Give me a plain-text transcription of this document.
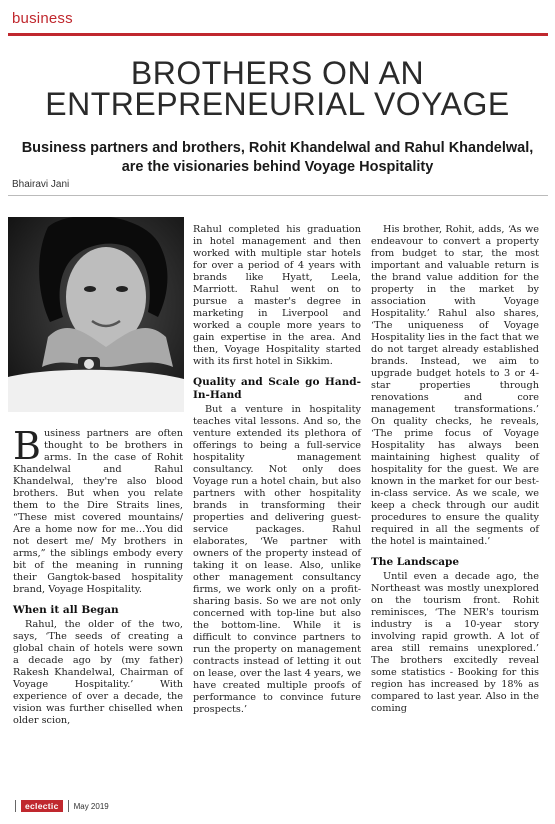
business
BROTHERS ON AN
ENTREPRENEURIAL VOYAGE
Business partners and brothers, Rohit Khandelwal and Rahul Khandelwal, are the visionaries behind Voyage Hospitality
Bhairavi Jani

Business partners are often thought to be brothers in arms. In the case of Rohit Khandelwal and Rahul Khandelwal, they're also blood brothers. But when you relate them to the Dire Straits lines, “These mist covered mountains/ Are a home now for me…You did not desert me/ My brothers in arms,” the siblings embody every bit of the meaning in running their Gangtok-based hospitality brand, Voyage Hospitality.

When it all Began

Rahul, the older of the two, says, ‘The seeds of creating a global chain of hotels were sown a decade ago by (my father) Rakesh Khandelwal, Chairman of Voyage Hospitality.’ With experience of over a decade, the vision was further chiselled when older scion,

Rahul completed his graduation in hotel management and then worked with multiple star hotels for over a period of 4 years with brands like Hyatt, Leela, Marriott. Rahul went on to pursue a master's degree in marketing in Liverpool and worked a couple more years to gain expertise in the area. And then, Voyage Hospitality started with its first hotel in Sikkim.

Quality and Scale go Hand-In-Hand

But a venture in hospitality teaches vital lessons. And so, the venture extended its plethora of offerings to being a full-service hospitality management consultancy. Not only does Voyage run a hotel chain, but also partners with other hospitality brands in transforming their properties and delivering guest-service packages. Rahul elaborates, ‘We partner with owners of the property instead of taking it on lease. Also, unlike other management consultancy firms, we work only on a profit-sharing basis. So we are not only concerned with top-line but also the bottom-line. While it is difficult to convince partners to run the property on management contracts instead of letting it out on lease, over the last 4 years, we have created multiple proofs of performance to convince future prospects.’

His brother, Rohit, adds, ‘As we endeavour to convert a property from budget to star, the most important and valuable return is the brand value addition for the property in the market by association with Voyage Hospitality.’ Rahul also shares, ‘The uniqueness of Voyage Hospitality lies in the fact that we do not target already established brands. Instead, we aim to upgrade budget hotels to 3 or 4-star properties through renovations and core management transformations.’ On quality checks, he reveals, ‘The prime focus of Voyage Hospitality has always been maintaining highest quality of hospitality for the guest. We are known in the market for our best-in-class service. As we scale, we keep a check through our audit procedures to ensure the quality required in all the segments of the hotel is maintained.’

The Landscape

Until even a decade ago, the Northeast was mostly unexplored on the tourism front. Rohit reminisces, ‘The NER's tourism industry is a 10-year story involving rapid growth. A lot of area still remains unexplored.’ The brothers excitedly reveal some statistics - Booking for this region has increased by 18% as compared to last year. Also in the coming

eclectic	May 2019
